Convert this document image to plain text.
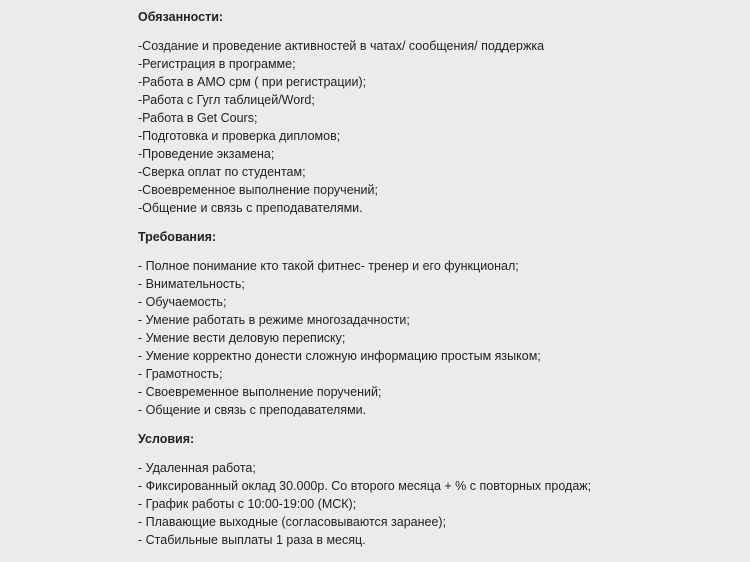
Обязанности:

-Создание и проведение активностей в чатах/ сообщения/ поддержка
-Регистрация в программе;
-Работа в АМО срм ( при регистрации);
-Работа с Гугл таблицей/Word;
-Работа в Get Cours;
-Подготовка и проверка дипломов;
-Проведение экзамена;
-Сверка оплат по студентам;
-Своевременное выполнение поручений;
-Общение и связь с преподавателями.

Требования:

- Полное понимание кто такой фитнес- тренер и его функционал;
- Внимательность;
- Обучаемость;
- Умение работать в режиме многозадачности;
- Умение вести деловую переписку;
- Умение корректно донести сложную информацию простым языком;
- Грамотность;
- Своевременное выполнение поручений;
- Общение и связь с преподавателями.

Условия:

- Удаленная работа;
- Фиксированный оклад 30.000р. Со второго месяца + % с повторных продаж;
- График работы с 10:00-19:00 (МСК);
- Плавающие выходные (согласовываются заранее);
- Стабильные выплаты 1 раза в месяц.
